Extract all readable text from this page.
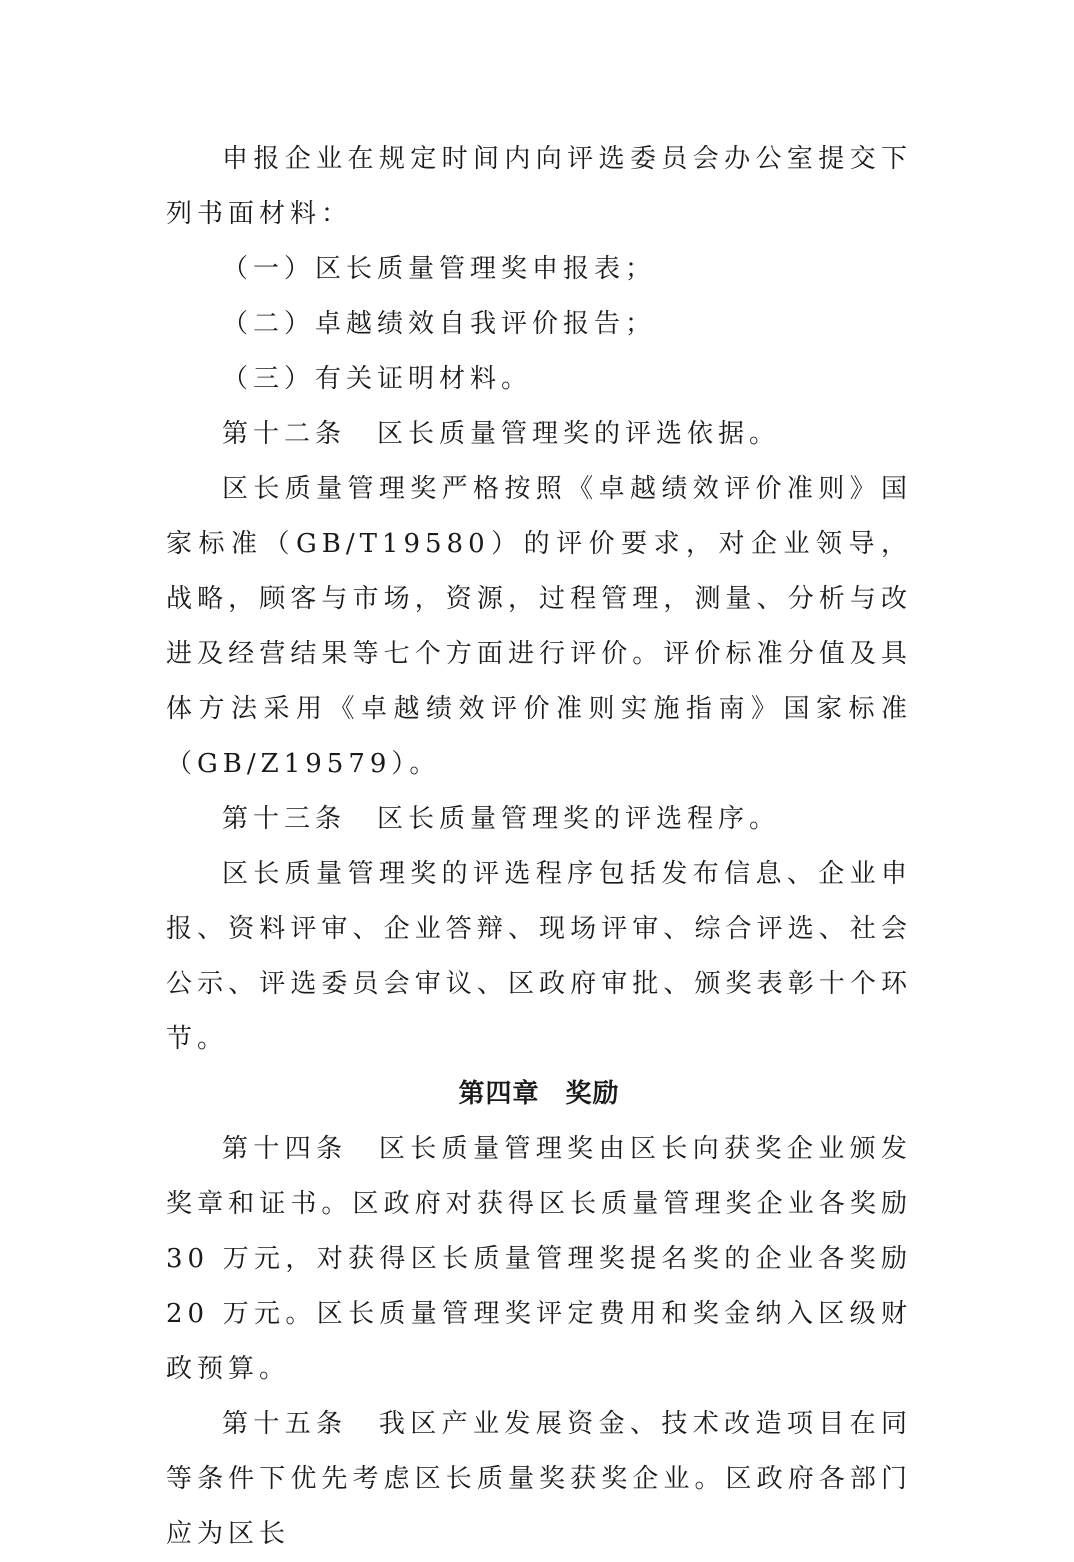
申报企业在规定时间内向评选委员会办公室提交下列书面材料：

（一）区长质量管理奖申报表；

（二）卓越绩效自我评价报告；

（三）有关证明材料。

第十二条　区长质量管理奖的评选依据。

区长质量管理奖严格按照《卓越绩效评价准则》国家标准（GB/T19580）的评价要求，对企业领导，战略，顾客与市场，资源，过程管理，测量、分析与改进及经营结果等七个方面进行评价。评价标准分值及具体方法采用《卓越绩效评价准则实施指南》国家标准（GB/Z19579）。

第十三条　区长质量管理奖的评选程序。

区长质量管理奖的评选程序包括发布信息、企业申报、资料评审、企业答辩、现场评审、综合评选、社会公示、评选委员会审议、区政府审批、颁奖表彰十个环节。

第四章 奖励

第十四条　区长质量管理奖由区长向获奖企业颁发奖章和证书。区政府对获得区长质量管理奖企业各奖励 30 万元，对获得区长质量管理奖提名奖的企业各奖励 20 万元。区长质量管理奖评定费用和奖金纳入区级财政预算。

第十五条　我区产业发展资金、技术改造项目在同等条件下优先考虑区长质量奖获奖企业。区政府各部门应为区长
